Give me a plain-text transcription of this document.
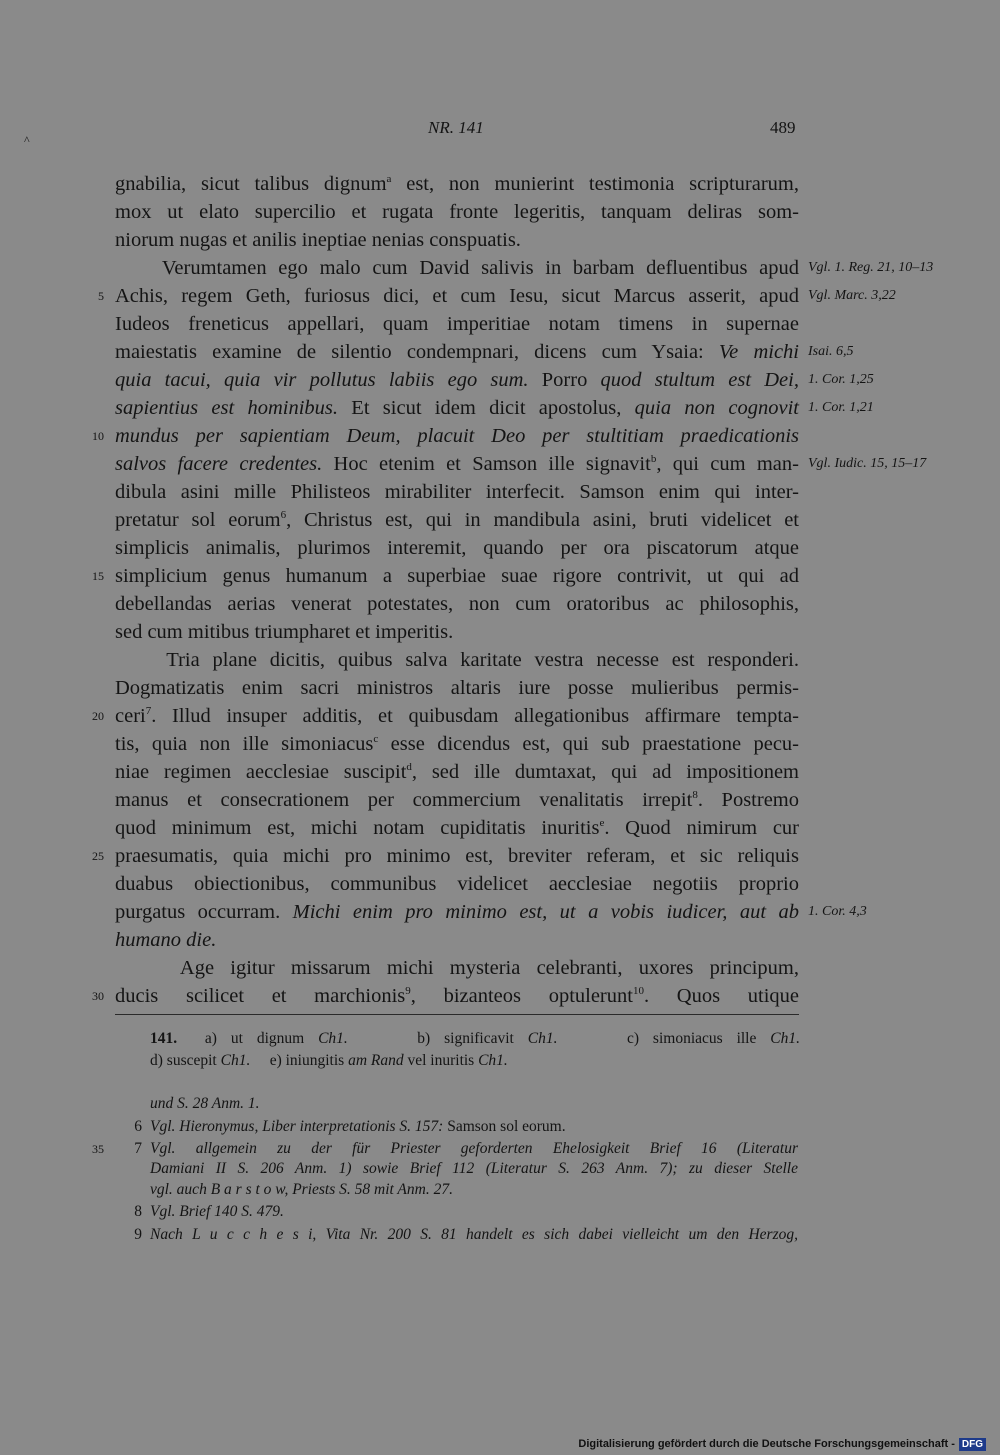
^
NR. 141	489
gnabilia, sicut talibus dignum$^a$ est, non munierint testimonia scripturarum,
mox ut elato supercilio et rugata fronte legeritis, tanquam deliras som-
niorum nugas et anilis ineptiae nenias conspuatis.
Verumtamen ego malo cum David salivis in barbam defluentibus apud Vgl. 1. Reg. 21, 10–13
Achis, regem Geth, furiosus dici, et cum Iesu, sicut Marcus asserit, apud
5	Vgl. Marc. 3,22
Iudeos freneticus appellari, quam imperitiae notam timens in supernae
maiestatis examine de silentio condempnari, dicens cum Ysaia: Ve michi Isai. 6,5
quia tacui, quia vir pollutus labiis ego sum. Porro quod stultum est Dei, 1. Cor. 1,25
sapientius est hominibus. Et sicut idem dicit apostolus, quia non cognovit 1. Cor. 1,21
mundus per sapientiam Deum, placuit Deo per stultitiam praedicationis
10
salvos facere credentes. Hoc etenim et Samson ille signavit$^b$, qui cum man- Vgl. Iudic. 15, 15–17
dibula asini mille Philisteos mirabiliter interfecit. Samson enim qui inter-
pretatur sol eorum$^6$, Christus est, qui in mandibula asini, bruti videlicet et
simplicis animalis, plurimos interemit, quando per ora piscatorum atque
simplicium genus humanum a superbiae suae rigore contrivit, ut qui ad
15
debellandas aerias venerat potestates, non cum oratoribus ac philosophis,
sed cum mitibus triumpharet et imperitis.
Tria plane dicitis, quibus salva karitate vestra necesse est responderi.
Dogmatizatis enim sacri ministros altaris iure posse mulieribus permis-
ceri$^7$. Illud insuper additis, et quibusdam allegationibus affirmare tempta-
20
tis, quia non ille simoniacus$^c$ esse dicendus est, qui sub praestatione pecu-
niae regimen aecclesiae suscipit$^d$, sed ille dumtaxat, qui ad impositionem
manus et consecrationem per commercium venalitatis irrepit$^8$. Postremo
quod minimum est, michi notam cupiditatis inuritis$^e$. Quod nimirum cur
praesumatis, quia michi pro minimo est, breviter referam, et sic reliquis
25
duabus obiectionibus, communibus videlicet aecclesiae negotiis proprio
purgatus occurram. Michi enim pro minimo est, ut a vobis iudicer, aut ab 1. Cor. 4,3
humano die.
Age igitur missarum michi mysteria celebranti, uxores principum,
ducis scilicet et marchionis$^9$, bizanteos optulerunt$^{10}$. Quos utique
30
141.  a) ut dignum Ch1.     b) significavit Ch1.     c) simoniacus ille Ch1.
d) suscepit Ch1.     e) iniungitis am Rand vel inuritis Ch1.
und S. 28 Anm. 1.
Vgl. Hieronymus, Liber interpretationis S. 157: Samson sol eorum.
6
Vgl. allgemein zu der für Priester geforderten Ehelosigkeit Brief 16 (Literatur
7
35
Damiani II S. 206 Anm. 1) sowie Brief 112 (Literatur S. 263 Anm. 7); zu dieser Stelle
vgl. auch B a r s t o w, Priests S. 58 mit Anm. 27.
Vgl. Brief 140 S. 479.
8
Nach L u c c h e s i, Vita Nr. 200 S. 81 handelt es sich dabei vielleicht um den Herzog,
9
Digitalisierung gefördert durch die Deutsche Forschungsgemeinschaft - DFG
